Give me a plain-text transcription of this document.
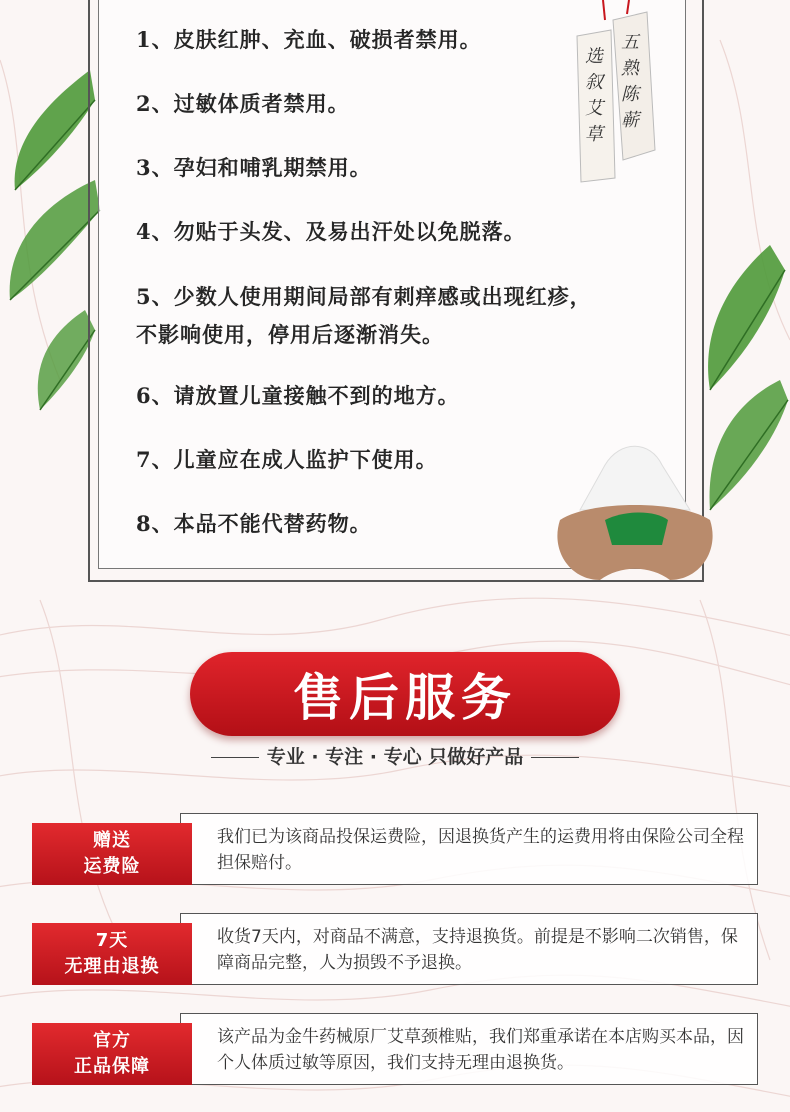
1、皮肤红肿、充血、破损者禁用。
2、过敏体质者禁用。
3、孕妇和哺乳期禁用。
4、勿贴于头发、及易出汗处以免脱落。
5、少数人使用期间局部有刺痒感或出现红疹，
不影响使用，停用后逐渐消失。
6、请放置儿童接触不到的地方。
7、儿童应在成人监护下使用。
8、本品不能代替药物。
五熟陈蕲
选叙艾草
售后服务
专业 · 专注 · 专心 只做好产品
我们已为该商品投保运费险，因退换货产生的运费用将由保险公司全程担保赔付。
赠送
运费险
收货7天内，对商品不满意，支持退换货。前提是不影响二次销售，保障商品完整，人为损毁不予退换。
7天
无理由退换
该产品为金牛药械原厂艾草颈椎贴，我们郑重承诺在本店购买本品，因个人体质过敏等原因，我们支持无理由退换货。
官方
正品保障
